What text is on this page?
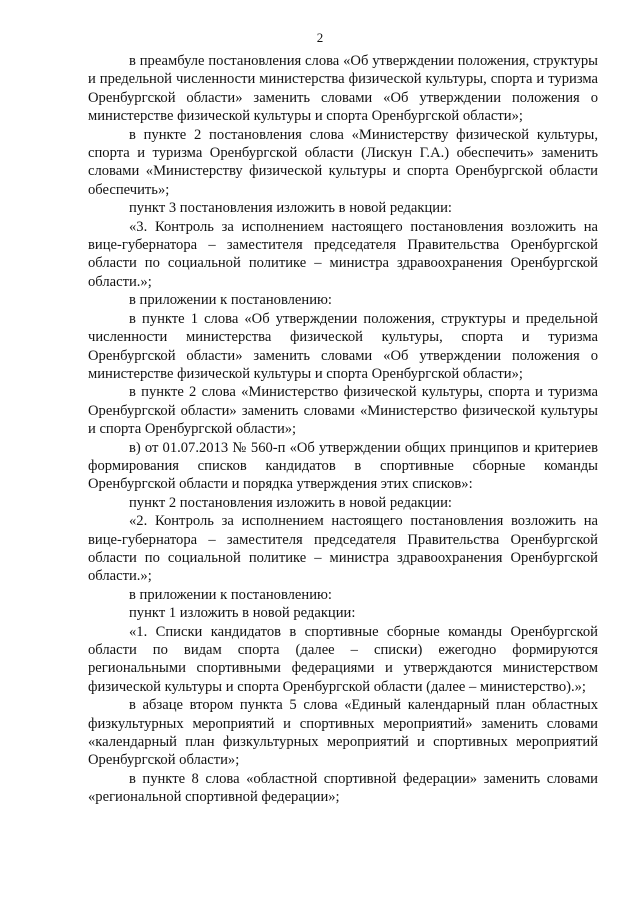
2

в преамбуле постановления слова «Об утверждении положения, структуры и предельной численности министерства физической культуры, спорта и туризма Оренбургской области» заменить словами «Об утверждении положения о министерстве физической культуры и спорта Оренбургской области»;

в пункте 2 постановления слова «Министерству физической культуры, спорта и туризма Оренбургской области (Лискун Г.А.) обеспечить» заменить словами «Министерству физической культуры и спорта Оренбургской области обеспечить»;

пункт 3 постановления изложить в новой редакции:

«3. Контроль за исполнением настоящего постановления возложить на вице-губернатора – заместителя председателя Правительства Оренбургской области по социальной политике – министра здравоохранения Оренбургской области.»;

в приложении к постановлению:

в пункте 1 слова «Об утверждении положения, структуры и предельной численности министерства физической культуры, спорта и туризма Оренбургской области» заменить словами «Об утверждении положения о министерстве физической культуры и спорта Оренбургской области»;

в пункте 2 слова «Министерство физической культуры, спорта и туризма Оренбургской области» заменить словами «Министерство физической культуры и спорта Оренбургской области»;

в) от 01.07.2013 № 560-п «Об утверждении общих принципов и критериев формирования списков кандидатов в спортивные сборные команды Оренбургской области и порядка утверждения этих списков»:

пункт 2 постановления изложить в новой редакции:

«2. Контроль за исполнением настоящего постановления возложить на вице-губернатора – заместителя председателя Правительства Оренбургской области по социальной политике – министра здравоохранения Оренбургской области.»;

в приложении к постановлению:

пункт 1 изложить в новой редакции:

«1. Списки кандидатов в спортивные сборные команды Оренбургской области по видам спорта (далее – списки) ежегодно формируются региональными спортивными федерациями и утверждаются министерством физической культуры и спорта Оренбургской области (далее – министерство).»;

в абзаце втором пункта 5 слова «Единый календарный план областных физкультурных мероприятий и спортивных мероприятий» заменить словами «календарный план физкультурных мероприятий и спортивных мероприятий Оренбургской области»;

в пункте 8 слова «областной спортивной федерации» заменить словами «региональной спортивной федерации»;
